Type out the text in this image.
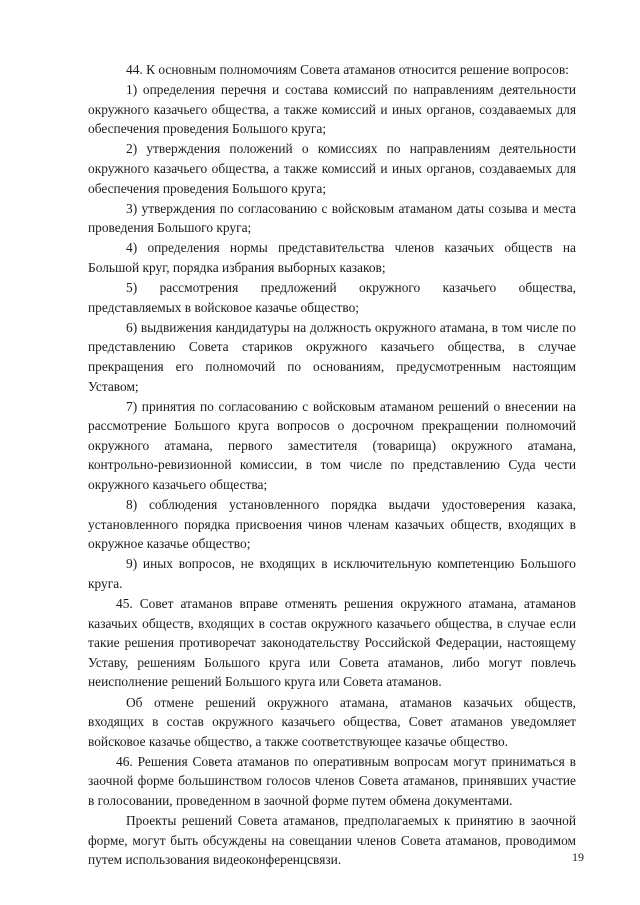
44. К основным полномочиям Совета атаманов относится решение вопросов:

1) определения перечня и состава комиссий по направлениям деятельности окружного казачьего общества, а также комиссий и иных органов, создаваемых для обеспечения проведения Большого круга;

2) утверждения положений о комиссиях по направлениям деятельности окружного казачьего общества, а также комиссий и иных органов, создаваемых для обеспечения проведения Большого круга;

3) утверждения по согласованию с войсковым атаманом даты созыва и места проведения Большого круга;

4) определения нормы представительства членов казачьих обществ на Большой круг, порядка избрания выборных казаков;

5) рассмотрения предложений окружного казачьего общества, представляемых в войсковое казачье общество;

6) выдвижения кандидатуры на должность окружного атамана, в том числе по представлению Совета стариков окружного казачьего общества, в случае прекращения его полномочий по основаниям, предусмотренным настоящим Уставом;

7) принятия по согласованию с войсковым атаманом решений о внесении на рассмотрение Большого круга вопросов о досрочном прекращении полномочий окружного атамана, первого заместителя (товарища) окружного атамана, контрольно-ревизионной комиссии, в том числе по представлению Суда чести окружного казачьего общества;

8) соблюдения установленного порядка выдачи удостоверения казака, установленного порядка присвоения чинов членам казачьих обществ, входящих в окружное казачье общество;

9) иных вопросов, не входящих в исключительную компетенцию Большого круга.

45. Совет атаманов вправе отменять решения окружного атамана, атаманов казачьих обществ, входящих в состав окружного казачьего общества, в случае если такие решения противоречат законодательству Российской Федерации, настоящему Уставу, решениям Большого круга или Совета атаманов, либо могут повлечь неисполнение решений Большого круга или Совета атаманов.

Об отмене решений окружного атамана, атаманов казачьих обществ, входящих в состав окружного казачьего общества, Совет атаманов уведомляет войсковое казачье общество, а также соответствующее казачье общество.

46. Решения Совета атаманов по оперативным вопросам могут приниматься в заочной форме большинством голосов членов Совета атаманов, принявших участие в голосовании, проведенном в заочной форме путем обмена документами.

Проекты решений Совета атаманов, предполагаемых к принятию в заочной форме, могут быть обсуждены на совещании членов Совета атаманов, проводимом путем использования видеоконференцсвязи.	19
